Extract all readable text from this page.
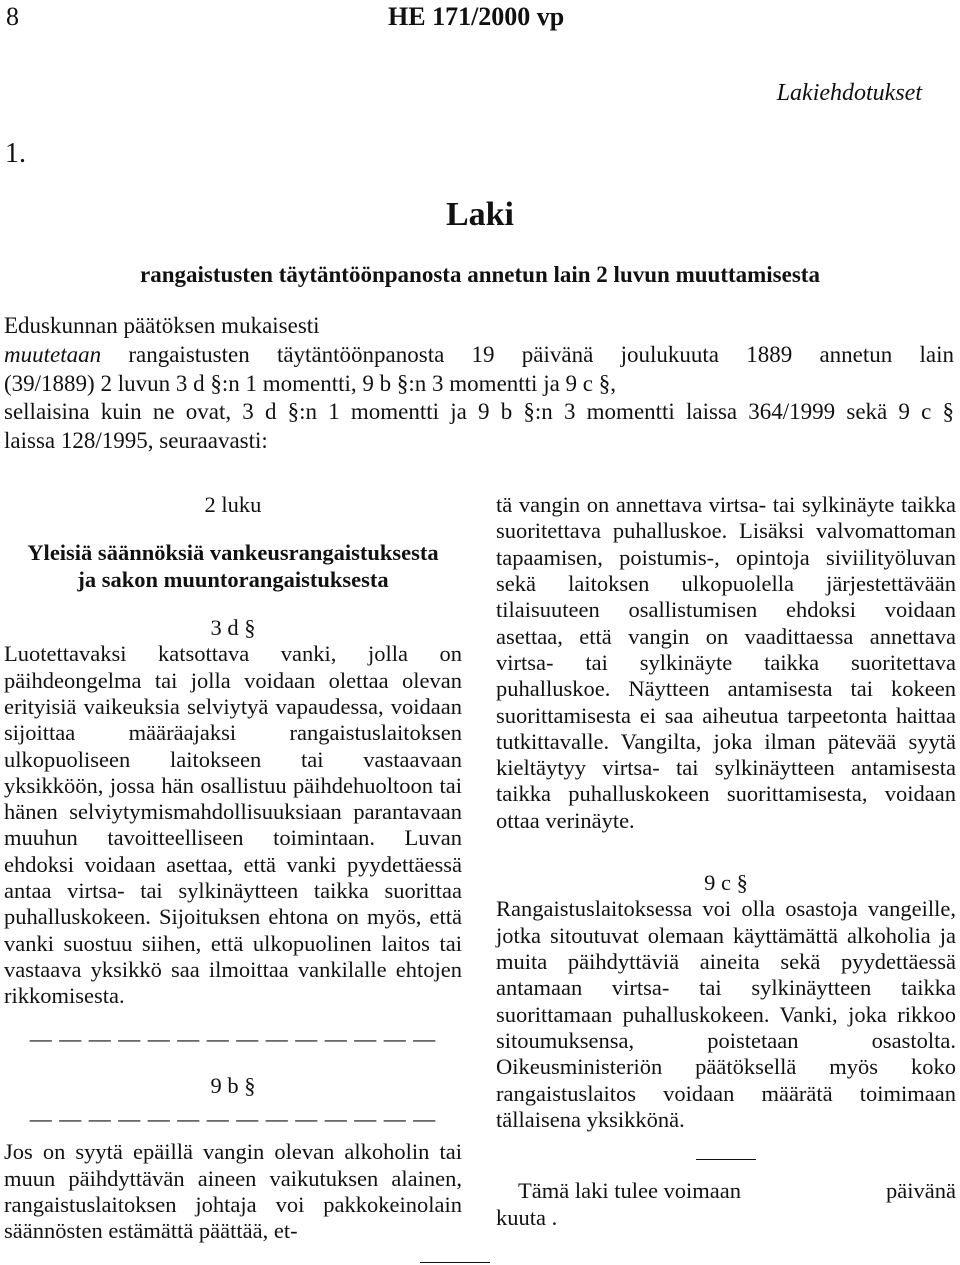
8	HE 171/2000 vp
Lakiehdotukset
1.
Laki
rangaistusten täytäntöönpanosta annetun lain 2 luvun muuttamisesta
Eduskunnan päätöksen mukaisesti
muutetaan rangaistusten täytäntöönpanosta 19 päivänä joulukuuta 1889 annetun lain
(39/1889) 2 luvun 3 d §:n 1 momentti, 9 b §:n 3 momentti ja 9 c §,
sellaisina kuin ne ovat, 3 d §:n 1 momentti ja 9 b §:n 3 momentti laissa 364/1999 sekä 9 c §
laissa 128/1995, seuraavasti:
2 luku
Yleisiä säännöksiä vankeusrangaistuksesta
ja sakon muuntorangaistuksesta
3 d §

Luotettavaksi katsottava vanki, jolla on päihdeongelma tai jolla voidaan olettaa olevan erityisiä vaikeuksia selviytyä vapaudessa, voidaan sijoittaa määräajaksi rangaistuslaitoksen ulkopuoliseen laitokseen tai vastaavaan yksikköön, jossa hän osallistuu päihdehuoltoon tai hänen selviytymismahdollisuuksiaan parantavaan muuhun tavoitteelliseen toimintaan. Luvan ehdoksi voidaan asettaa, että vanki pyydettäessä antaa virtsa- tai sylkinäytteen taikka suorittaa puhalluskokeen. Sijoituksen ehtona on myös, että vanki suostuu siihen, että ulkopuolinen laitos tai vastaava yksikkö saa ilmoittaa vankilalle ehtojen rikkomisesta.

— — — — — — — — — — — — — —

9 b §

— — — — — — — — — — — — — —

Jos on syytä epäillä vangin olevan alkoholin tai muun päihdyttävän aineen vaikutuksen alainen, rangaistuslaitoksen johtaja voi pakkokeinolain säännösten estämättä päättää, et-

tä vangin on annettava virtsa- tai sylkinäyte taikka suoritettava puhalluskoe. Lisäksi valvomattoman tapaamisen, poistumis-, opintoja siviilityöluvan sekä laitoksen ulkopuolella järjestettävään tilaisuuteen osallistumisen ehdoksi voidaan asettaa, että vangin on vaadittaessa annettava virtsa- tai sylkinäyte taikka suoritettava puhalluskoe. Näytteen antamisesta tai kokeen suorittamisesta ei saa aiheutua tarpeetonta haittaa tutkittavalle. Vangilta, joka ilman pätevää syytä kieltäytyy virtsa- tai sylkinäytteen antamisesta taikka puhalluskokeen suorittamisesta, voidaan ottaa verinäyte.

9 c §

Rangaistuslaitoksessa voi olla osastoja vangeille, jotka sitoutuvat olemaan käyttämättä alkoholia ja muita päihdyttäviä aineita sekä pyydettäessä antamaan virtsa- tai sylkinäytteen taikka suorittamaan puhalluskokeen. Vanki, joka rikkoo sitoumuksensa, poistetaan osastolta. Oikeusministeriön päätöksellä myös koko rangaistuslaitos voidaan määrätä toimimaan tällaisena yksikkönä.

Tämä laki tulee voimaan	päivänä
kuuta .
